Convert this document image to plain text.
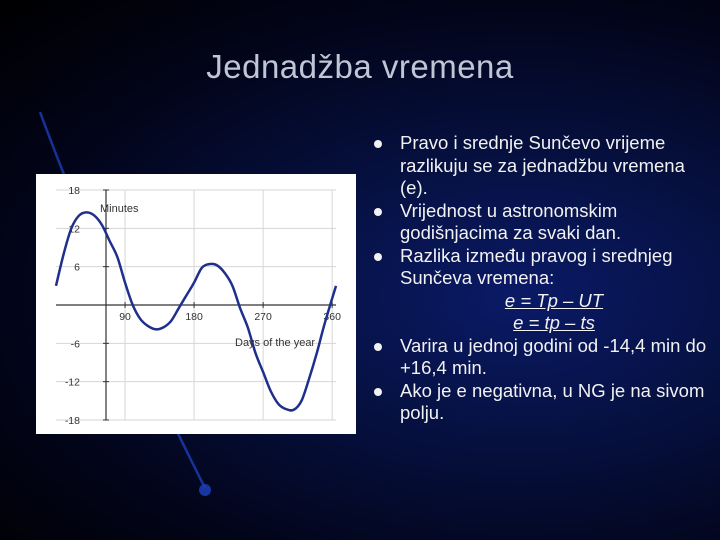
Jednadžba vremena
18
12
6
-6
-12
-18
90	180	270	360
Minutes
Days of the year
Pravo i srednje Sunčevo vrijeme razlikuju se za jednadžbu vremena (e).
Vrijednost u astronomskim godišnjacima za svaki dan.
Razlika između pravog i srednjeg Sunčeva vremena:
e = Tp – UT
e = tp – ts
Varira u jednoj godini od -14,4 min do +16,4 min.
Ako je e negativna, u NG je na sivom polju.
